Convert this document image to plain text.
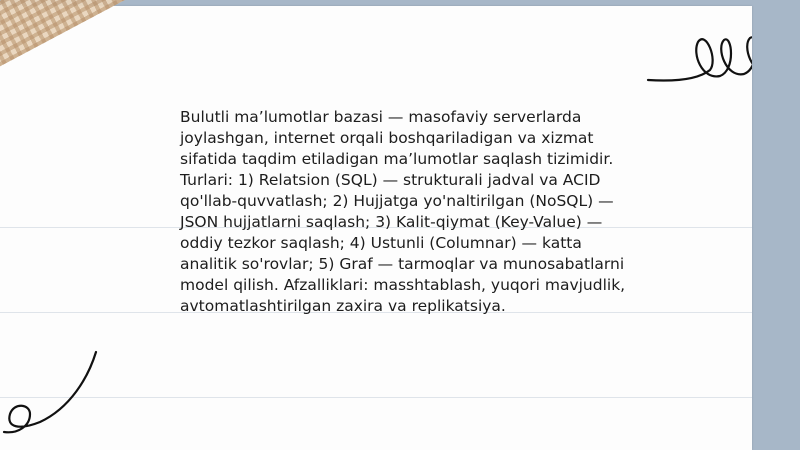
Bulutli ma’lumotlar bazasi — masofaviy serverlarda joylashgan, internet orqali boshqariladigan va xizmat sifatida taqdim etiladigan ma’lumotlar saqlash tizimidir. Turlari: 1) Relatsion (SQL) — strukturali jadval va ACID qo'llab-quvvatlash; 2) Hujjatga yo'naltirilgan (NoSQL) — JSON hujjatlarni saqlash; 3) Kalit-qiymat (Key-Value) — oddiy tezkor saqlash; 4) Ustunli (Columnar) — katta analitik so'rovlar; 5) Graf — tarmoqlar va munosabatlarni model qilish. Afzalliklari: masshtablash, yuqori mavjudlik, avtomatlashtirilgan zaxira va replikatsiya.
